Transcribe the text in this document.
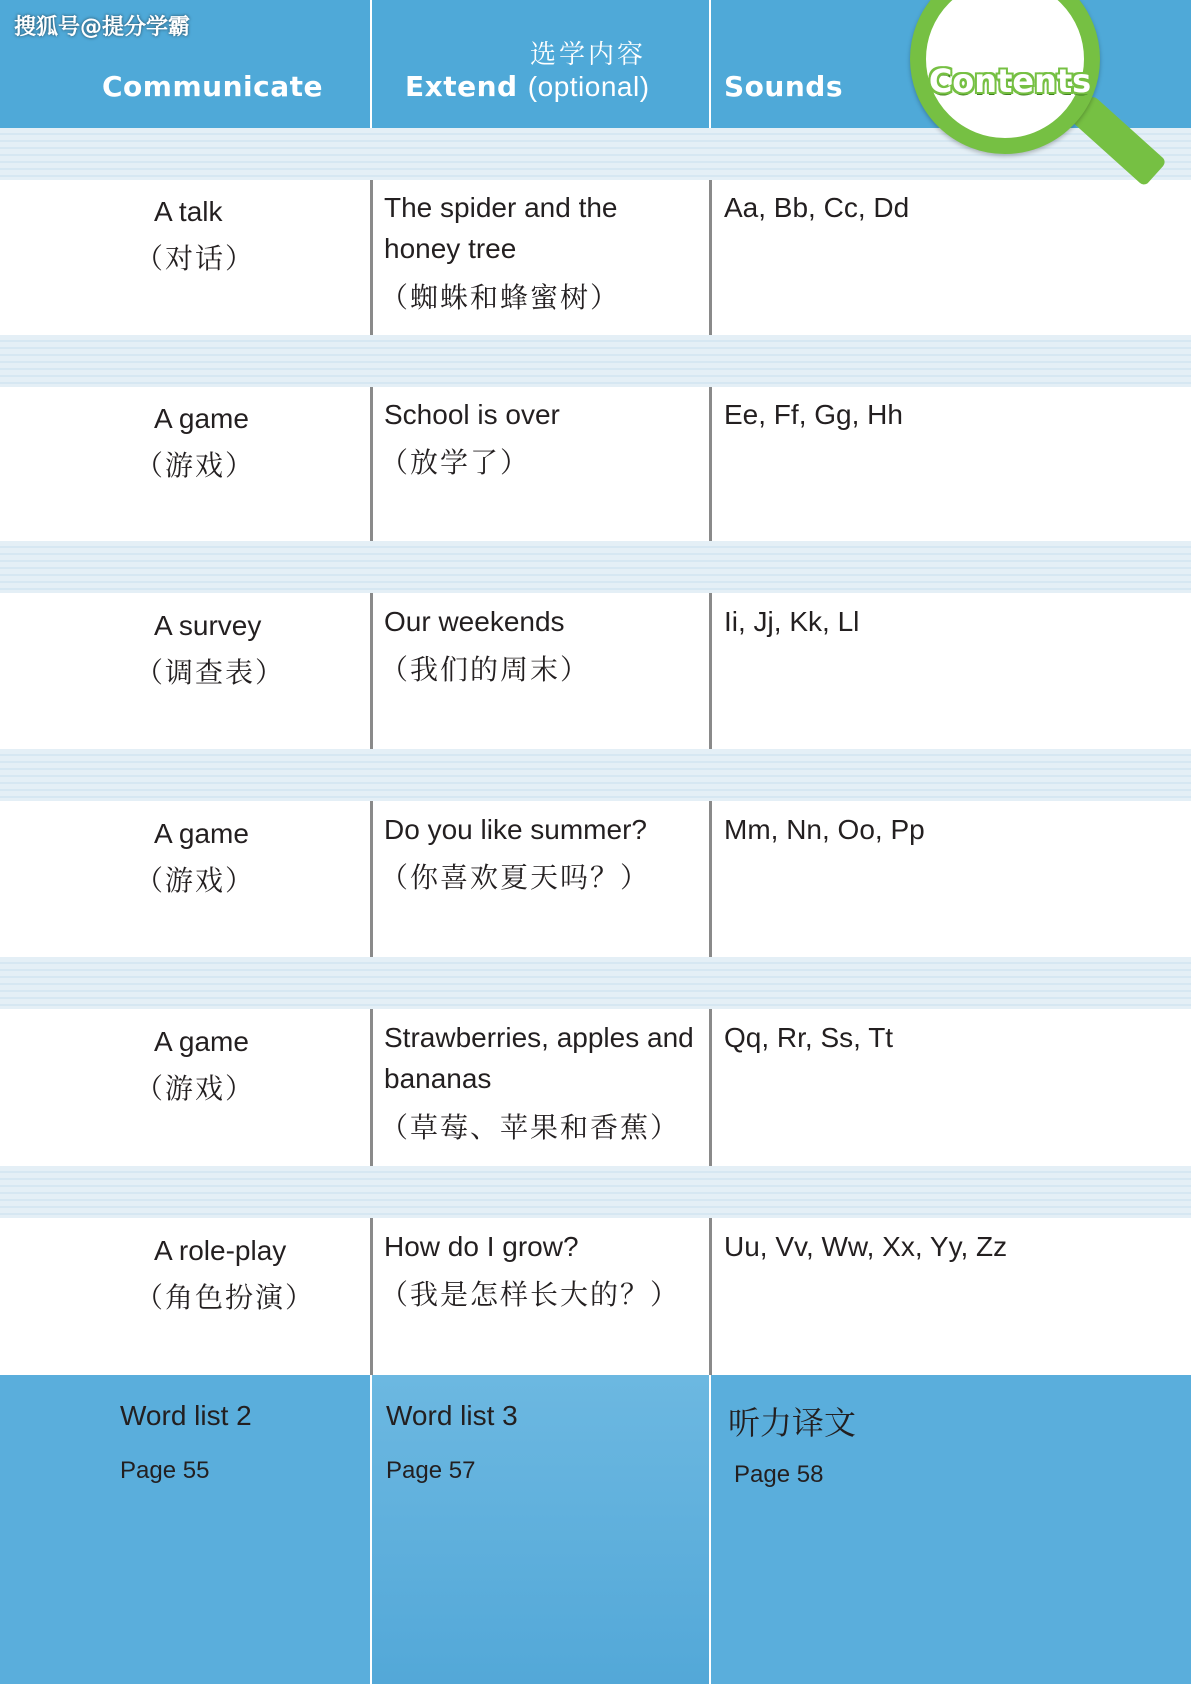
搜狐号@提分学霸
Communicate	Extend (optional)
选学内容
Sounds	Contents
A talk
（对话）
The spider and the
honey tree
（蜘蛛和蜂蜜树）
Aa, Bb, Cc, Dd
A game
（游戏）
School is over
（放学了）
Ee, Ff, Gg, Hh
A survey
（调查表）
Our weekends
（我们的周末）
Ii, Jj, Kk, Ll
A game
（游戏）
Do you like summer?
（你喜欢夏天吗？）
Mm, Nn, Oo, Pp
A game
（游戏）
Strawberries, apples and
bananas
（草莓、苹果和香蕉）
Qq, Rr, Ss, Tt
A role-play
（角色扮演）
How do I grow?
（我是怎样长大的？）
Uu, Vv, Ww, Xx, Yy, Zz
Word list 2
Page 55
Word list 3
Page 57
听力译文
Page 58
